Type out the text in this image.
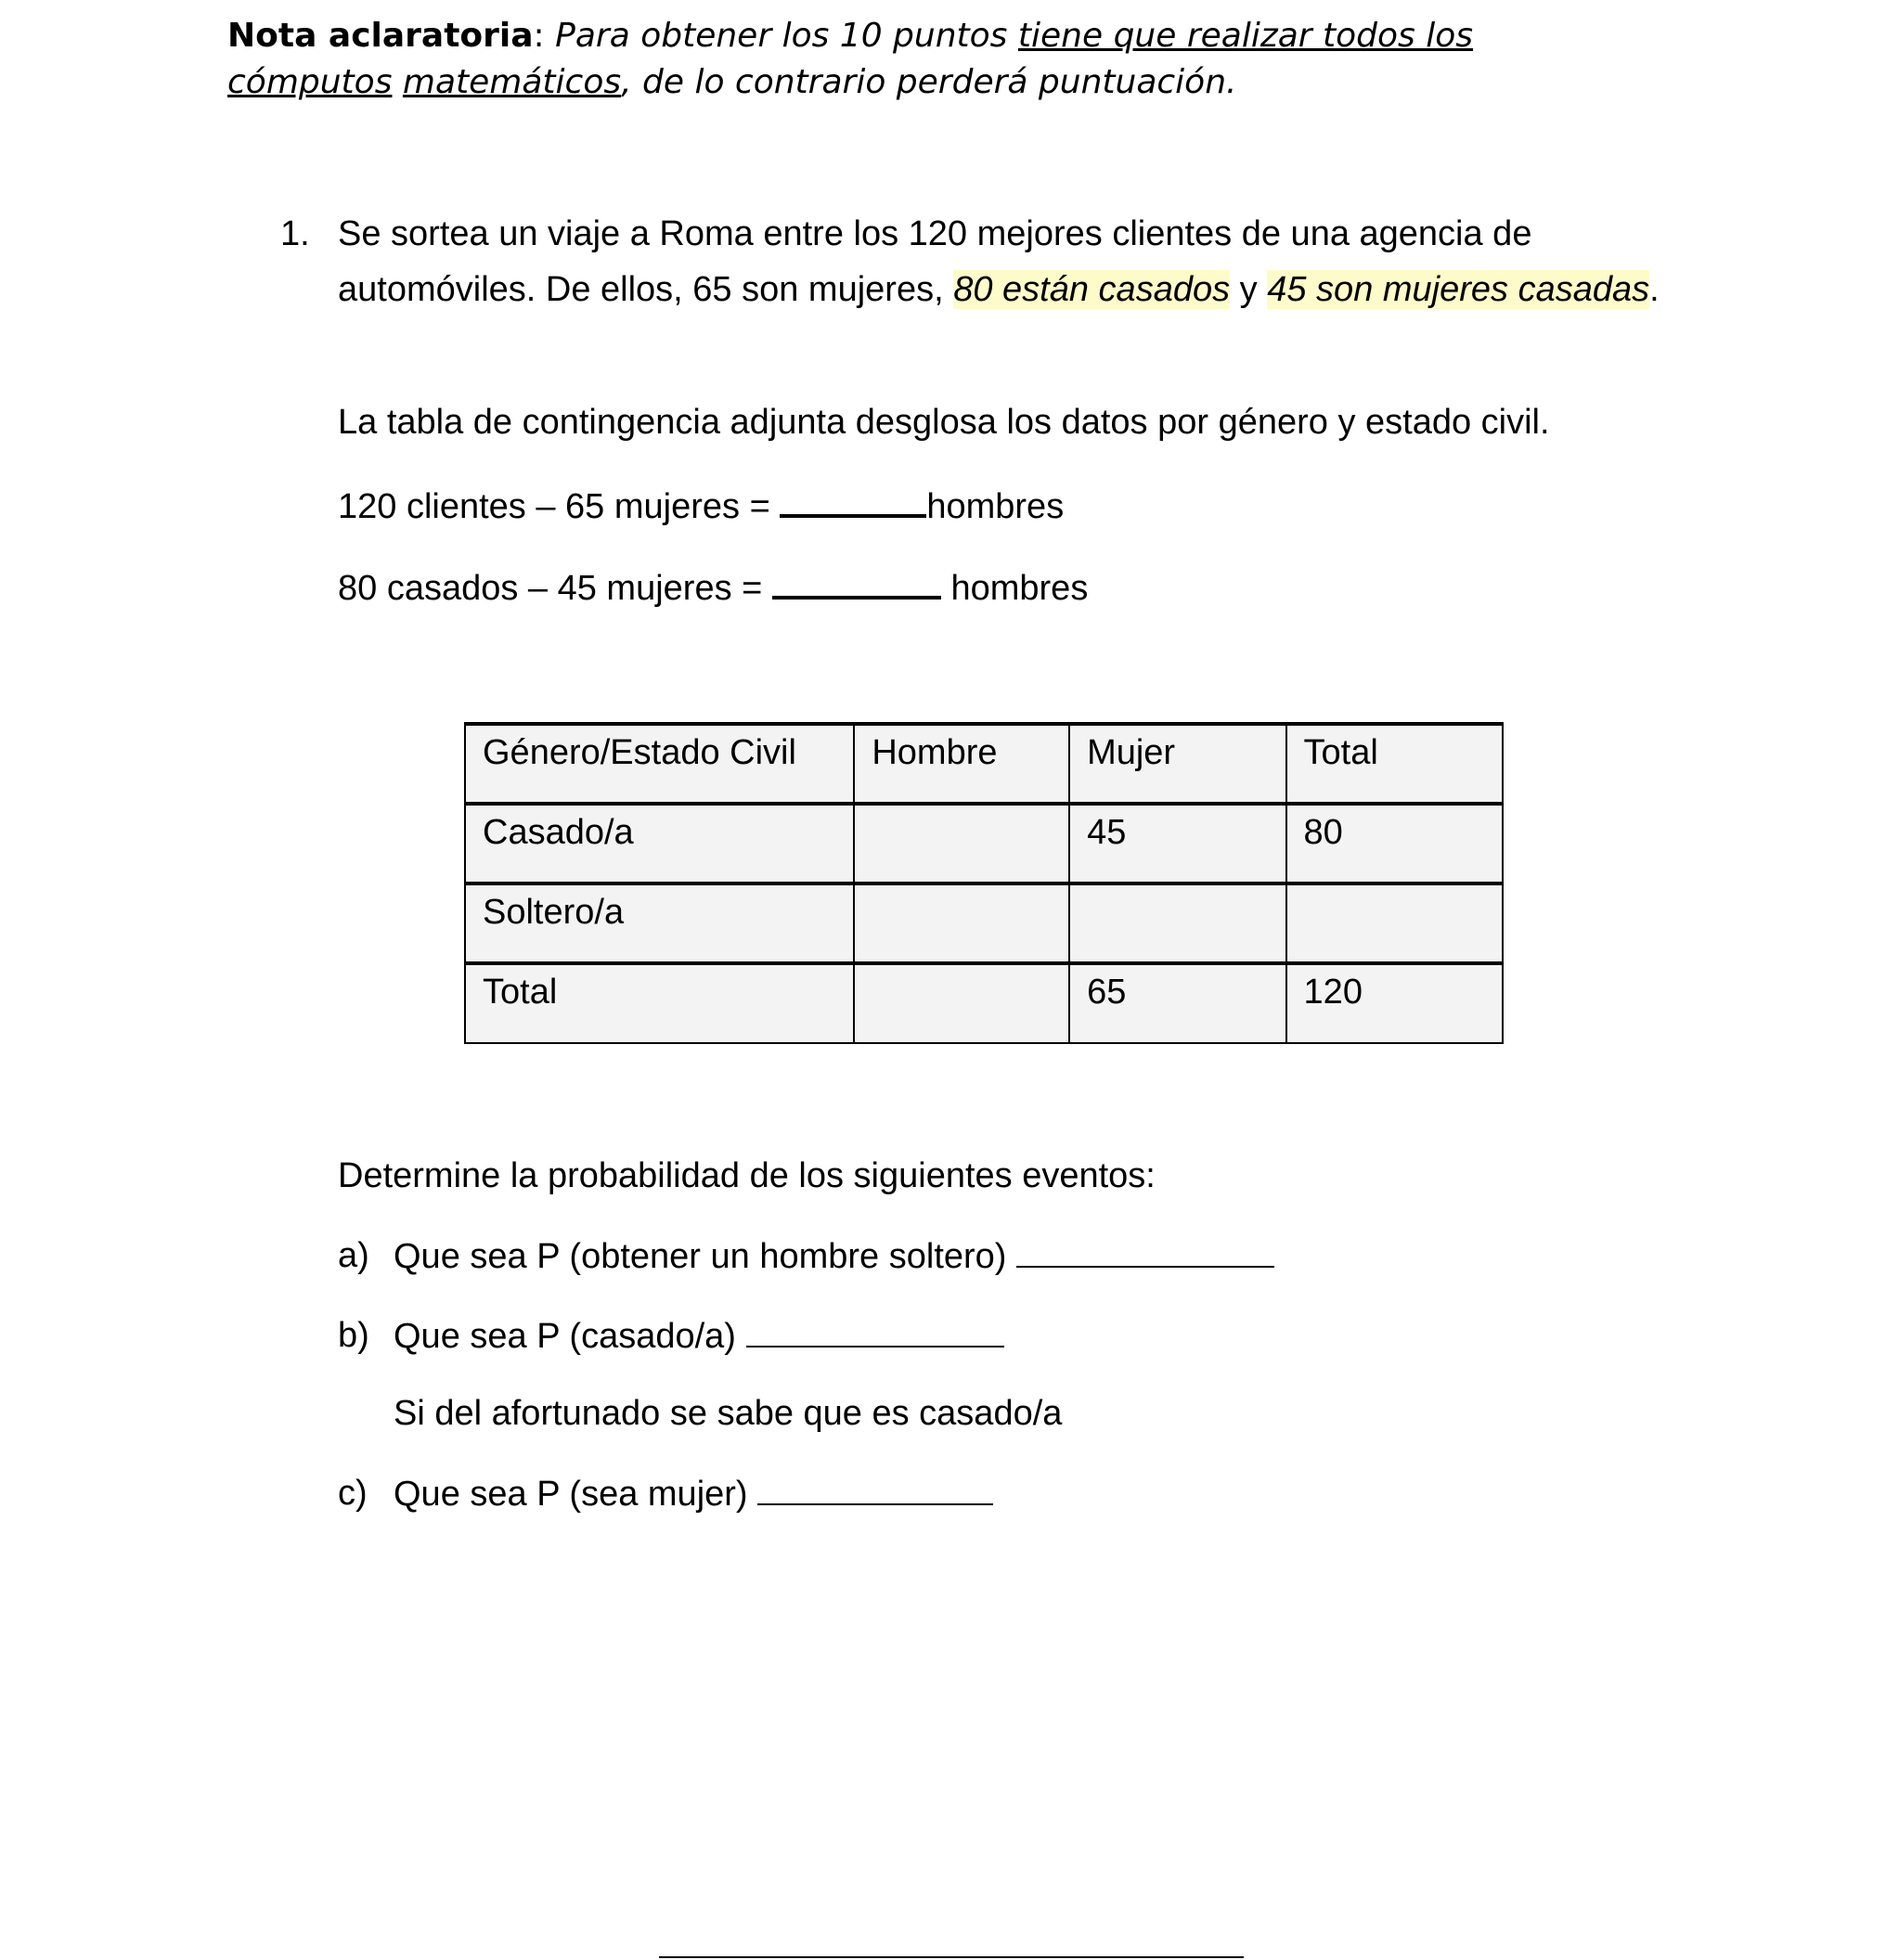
Nota aclaratoria: Para obtener los 10 puntos tiene que realizar todos los cómputos matemáticos, de lo contrario perderá puntuación.
1. Se sortea un viaje a Roma entre los 120 mejores clientes de una agencia de automóviles. De ellos, 65 son mujeres, 80 están casados y 45 son mujeres casadas.
La tabla de contingencia adjunta desglosa los datos por género y estado civil.
120 clientes – 65 mujeres =	hombres
80 casados – 45 mujeres =	hombres
Género/Estado Civil	Hombre	Mujer	Total
Casado/a		45	80
Soltero/a			
Total		65	120
Determine la probabilidad de los siguientes eventos:
a) Que sea P (obtener un hombre soltero)
b) Que sea P (casado/a)
Si del afortunado se sabe que es casado/a
c) Que sea P (sea mujer)
